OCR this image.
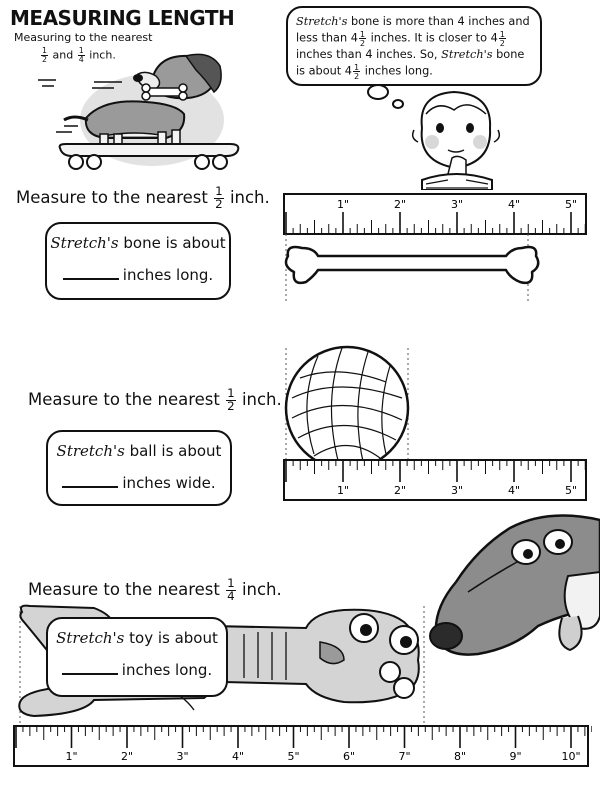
MEASURING LENGTH
Measuring to the nearest
$\frac{1}{2}$ and $\frac{1}{4}$ inch.
Stretch's bone is more than 4 inches and less than $4 \frac{1}{2}$ inches. It is closer to $4 \frac{1}{2}$
inches than 4 inches. So, Stretch's bone is about $4 \frac{1}{2}$ inches long.
Measure to the nearest $\frac{1}{2}$ inch.
Stretch's bone is about
inches long.
1"	2"	3"	4"	5"
Measure to the nearest $\frac{1}{2}$ inch.
Stretch's ball is about
inches wide.	1"	2"	3"	4"	5"
Measure to the nearest $\frac{1}{4}$ inch.
Stretch's toy is about
inches long.
1"	2"	3"	4"	5"	6"	7"	8"	9"	10"
